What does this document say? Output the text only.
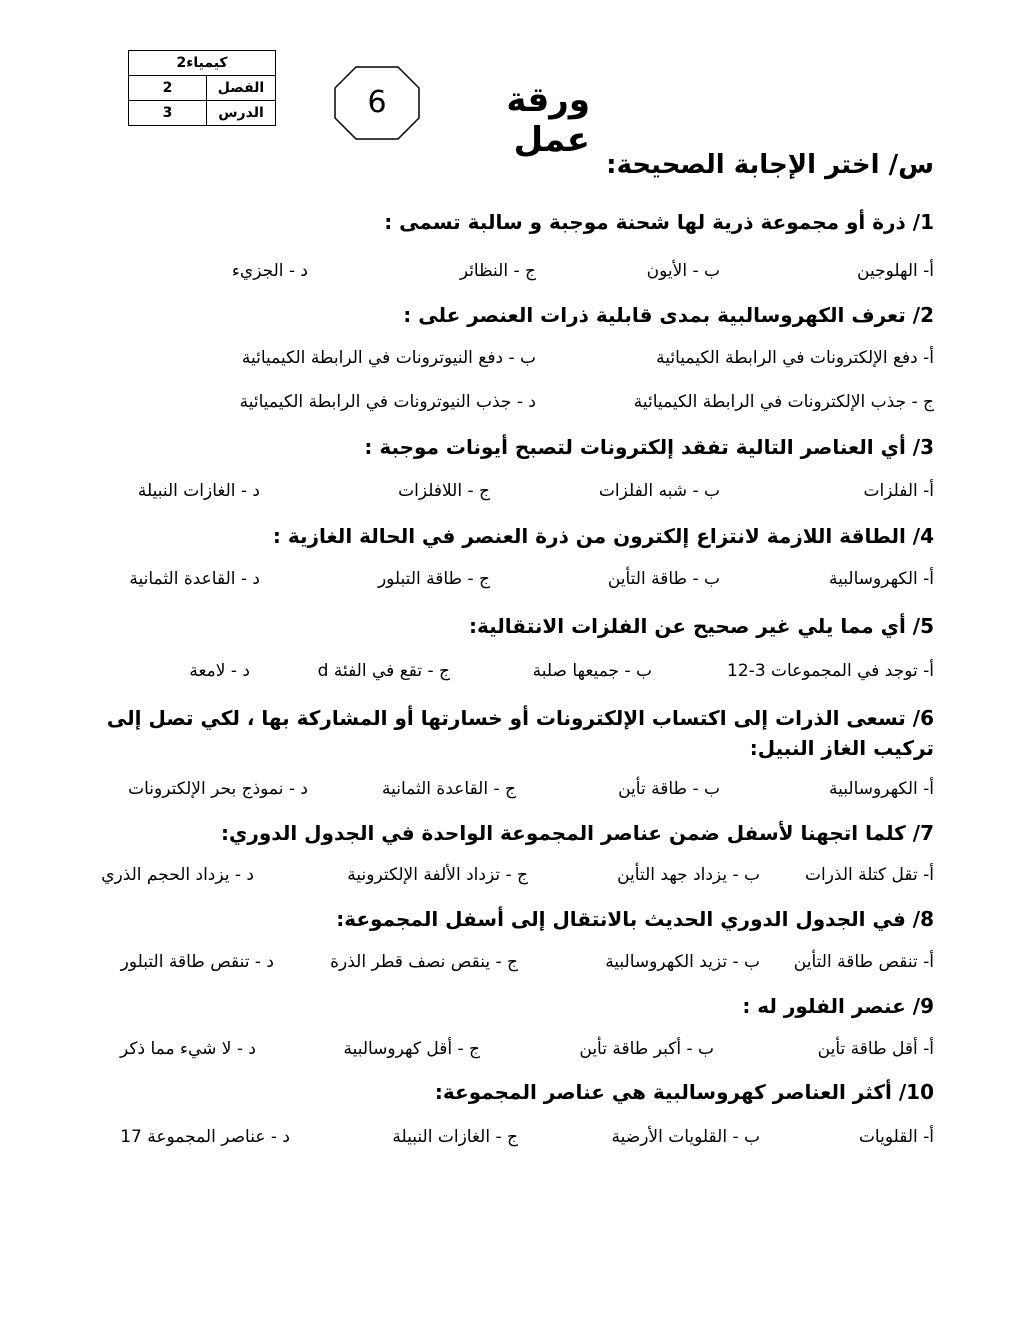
2كيمياء	
2	الفصل
3	الدرس	6	ورقة عمل
س/ اختر الإجابة الصحيحة:
1/ ذرة أو مجموعة ذرية لها شحنة موجبة و سالبة تسمى :
أ- الهلوجين
ب - الأيون
ج - النظائر
د - الجزيء
2/ تعرف الكهروسالبية بمدى قابلية ذرات العنصر على :
أ- دفع الإلكترونات في الرابطة الكيميائية
ب - دفع النيوترونات في الرابطة الكيميائية
ج - جذب الإلكترونات في الرابطة الكيميائية
د - جذب النيوترونات في الرابطة الكيميائية
3/ أي العناصر التالية تفقد إلكترونات لتصبح أيونات موجبة :
أ- الفلزات
ب - شبه الفلزات
ج - اللافلزات
د - الغازات النبيلة
4/ الطاقة اللازمة لانتزاع إلكترون من ذرة العنصر في الحالة الغازية :
أ- الكهروسالبية
ب - طاقة التأين
ج - طاقة التبلور
د - القاعدة الثمانية
5/ أي مما يلي غير صحيح عن الفلزات الانتقالية:
أ- توجد في المجموعات 3-12
ب - جميعها صلبة
ج - تقع في الفئة d
د - لامعة
6/ تسعى الذرات إلى اكتساب الإلكترونات أو خسارتها أو المشاركة بها ، لكي تصل إلى تركيب الغاز النبيل:
أ- الكهروسالبية
ب - طاقة تأين
ج - القاعدة الثمانية
د - نموذج بحر الإلكترونات
7/ كلما اتجهنا لأسفل ضمن عناصر المجموعة الواحدة في الجدول الدوري:
أ- تقل كتلة الذرات
ب - يزداد جهد التأين
ج - تزداد الألفة الإلكترونية
د - يزداد الحجم الذري
8/ في الجدول الدوري الحديث بالانتقال إلى أسفل المجموعة:
أ- تنقص طاقة التأين
ب - تزيد الكهروسالبية
ج - ينقص نصف قطر الذرة
د - تنقص طاقة التبلور
9/ عنصر الفلور له :
أ- أقل طاقة تأين
ب - أكبر طاقة تأين
ج - أقل كهروسالبية
د - لا شيء مما ذكر
10/ أكثر العناصر كهروسالبية هي عناصر المجموعة:
أ- القلويات
ب - القلويات الأرضية
ج - الغازات النبيلة
د - عناصر المجموعة 17
